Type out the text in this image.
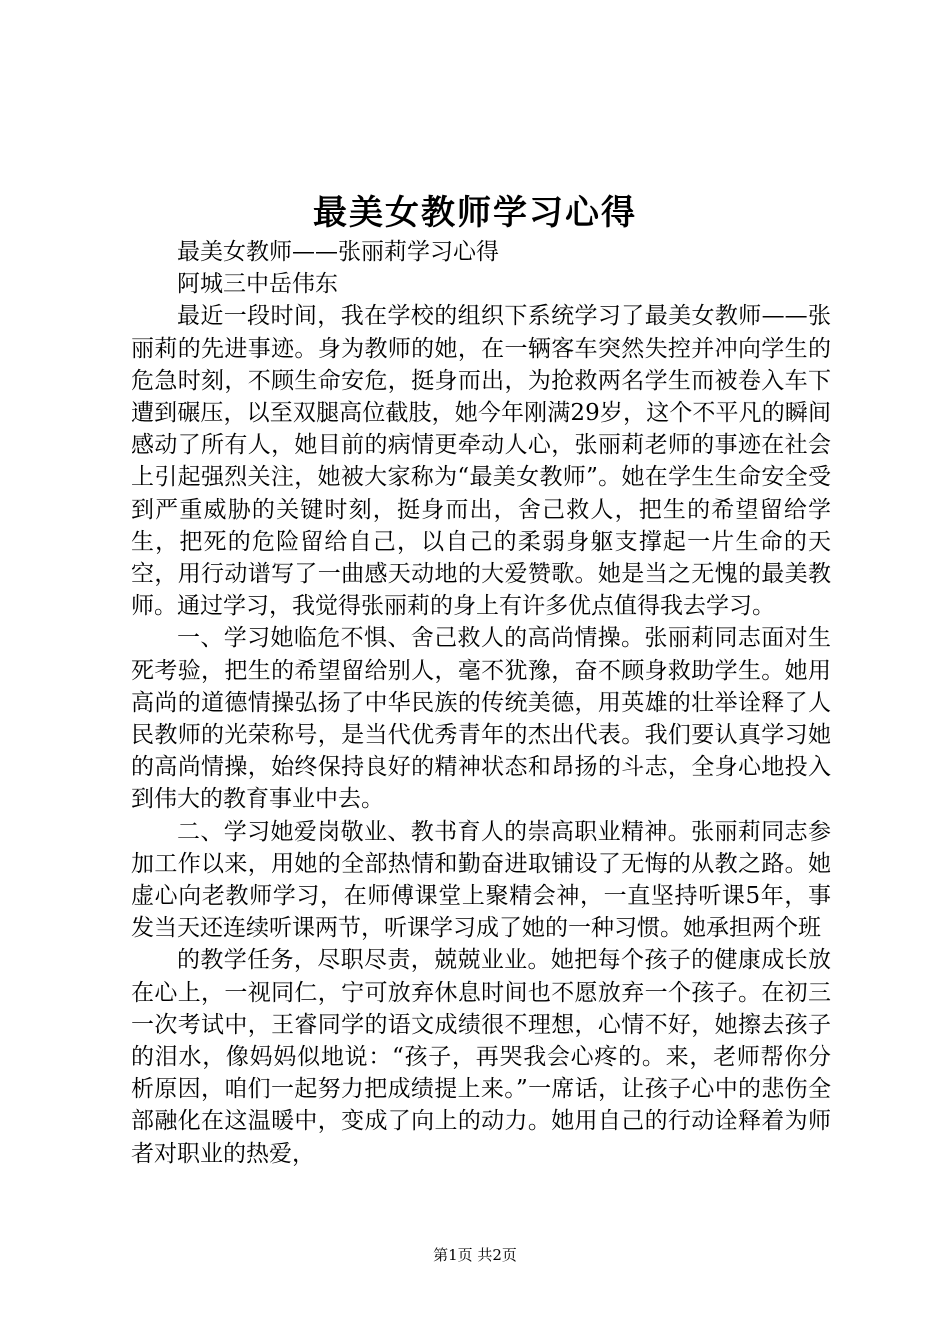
最美女教师学习心得

最美女教师——张丽莉学习心得

阿城三中岳伟东

最近一段时间，我在学校的组织下系统学习了最美女教师——张丽莉的先进事迹。身为教师的她，在一辆客车突然失控并冲向学生的危急时刻，不顾生命安危，挺身而出，为抢救两名学生而被卷入车下遭到碾压，以至双腿高位截肢，她今年刚满29岁，这个不平凡的瞬间感动了所有人，她目前的病情更牵动人心，张丽莉老师的事迹在社会上引起强烈关注，她被大家称为“最美女教师”。她在学生生命安全受到严重威胁的关键时刻，挺身而出，舍己救人，把生的希望留给学生，把死的危险留给自己，以自己的柔弱身躯支撑起一片生命的天空，用行动谱写了一曲感天动地的大爱赞歌。她是当之无愧的最美教师。通过学习，我觉得张丽莉的身上有许多优点值得我去学习。

一、学习她临危不惧、舍己救人的高尚情操。张丽莉同志面对生死考验，把生的希望留给别人，毫不犹豫，奋不顾身救助学生。她用高尚的道德情操弘扬了中华民族的传统美德，用英雄的壮举诠释了人民教师的光荣称号，是当代优秀青年的杰出代表。我们要认真学习她的高尚情操，始终保持良好的精神状态和昂扬的斗志，全身心地投入到伟大的教育事业中去。

二、学习她爱岗敬业、教书育人的崇高职业精神。张丽莉同志参加工作以来，用她的全部热情和勤奋进取铺设了无悔的从教之路。她虚心向老教师学习，在师傅课堂上聚精会神，一直坚持听课5年，事发当天还连续听课两节，听课学习成了她的一种习惯。她承担两个班

的教学任务，尽职尽责，兢兢业业。她把每个孩子的健康成长放在心上，一视同仁，宁可放弃休息时间也不愿放弃一个孩子。在初三一次考试中，王睿同学的语文成绩很不理想，心情不好，她擦去孩子的泪水，像妈妈似地说：“孩子，再哭我会心疼的。来，老师帮你分析原因，咱们一起努力把成绩提上来。”一席话，让孩子心中的悲伤全部融化在这温暖中，变成了向上的动力。她用自己的行动诠释着为师者对职业的热爱，

第1页 共2页
